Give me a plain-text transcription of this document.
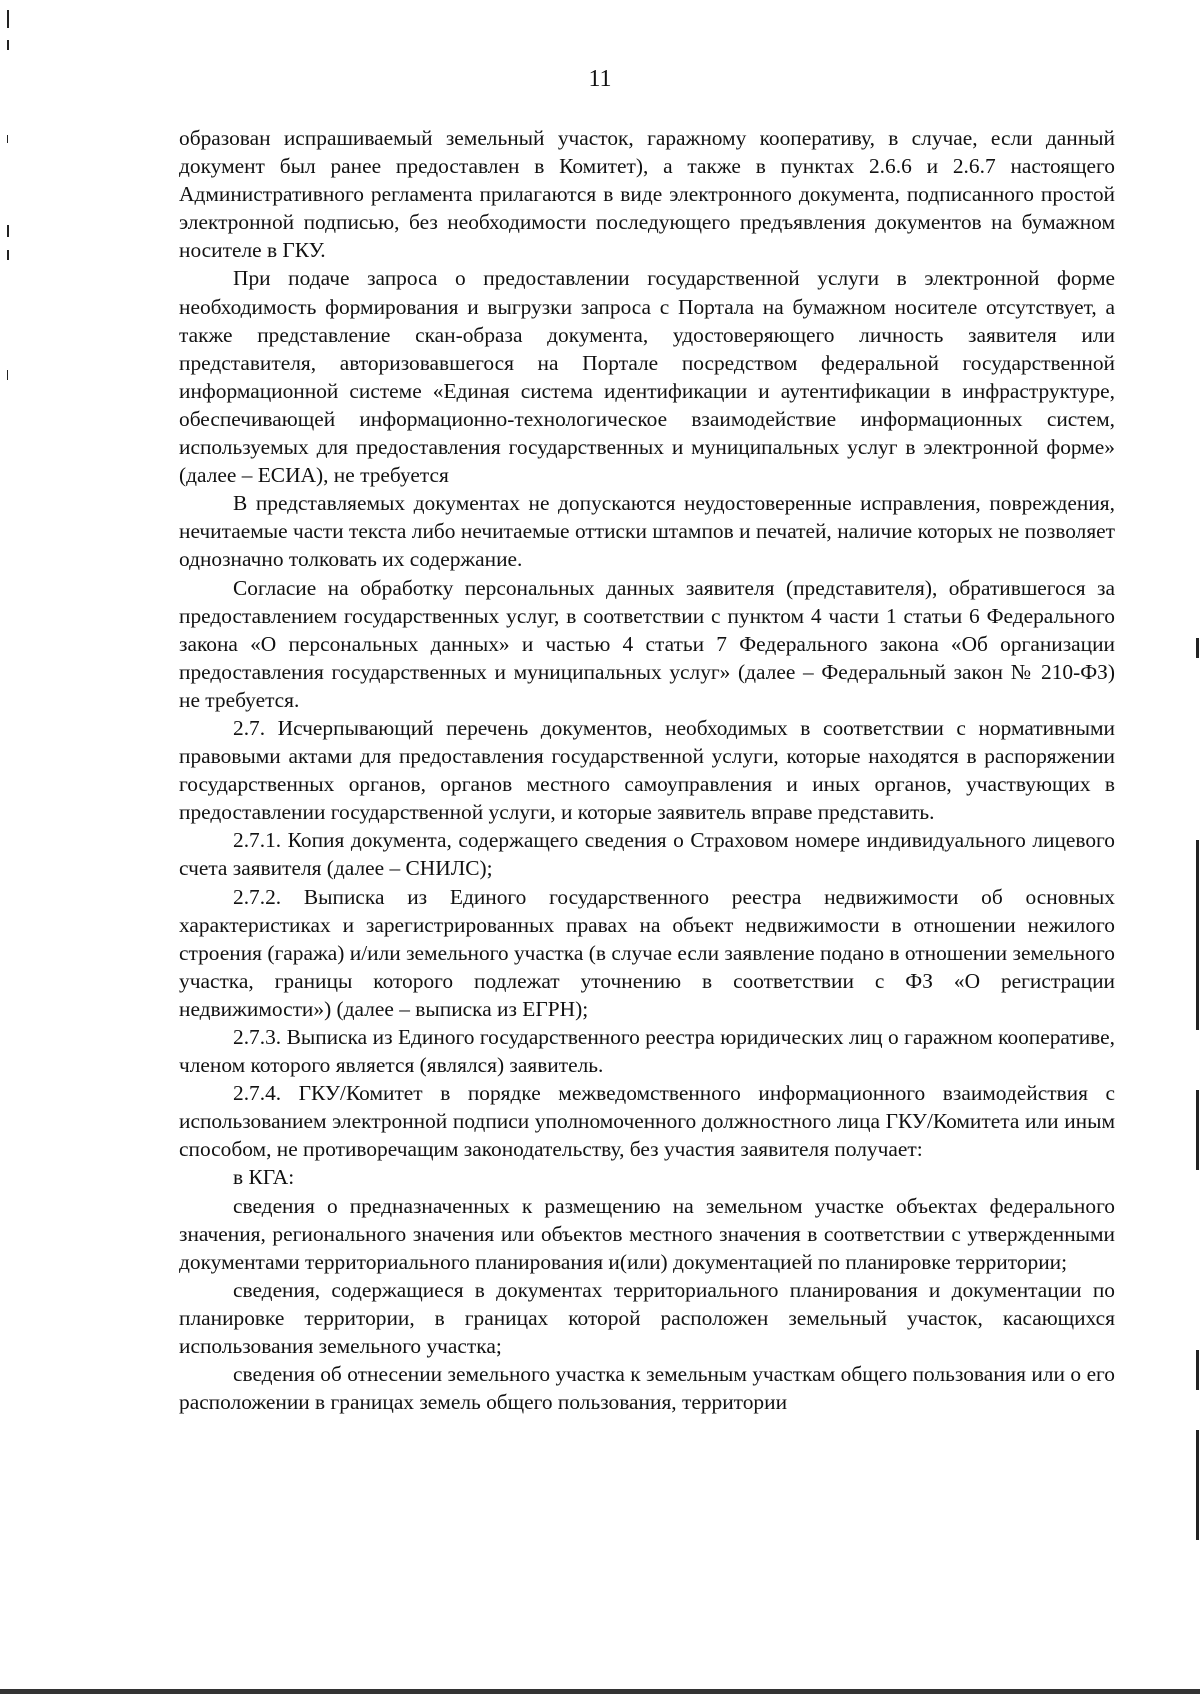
11

образован испрашиваемый земельный участок, гаражному кооперативу, в случае, если данный документ был ранее предоставлен в Комитет), а также в пунктах 2.6.6 и 2.6.7 настоящего Административного регламента прилагаются в виде электронного документа, подписанного простой электронной подписью, без необходимости последующего предъявления документов на бумажном носителе в ГКУ.

При подаче запроса о предоставлении государственной услуги в электронной форме необходимость формирования и выгрузки запроса с Портала на бумажном носителе отсутствует, а также представление скан-образа документа, удостоверяющего личность заявителя или представителя, авторизовавшегося на Портале посредством федеральной государственной информационной системе «Единая система идентификации и аутентификации в инфраструктуре, обеспечивающей информационно-технологическое взаимодействие информационных систем, используемых для предоставления государственных и муниципальных услуг в электронной форме» (далее – ЕСИА), не требуется

В представляемых документах не допускаются неудостоверенные исправления, повреждения, нечитаемые части текста либо нечитаемые оттиски штампов и печатей, наличие которых не позволяет однозначно толковать их содержание.

Согласие на обработку персональных данных заявителя (представителя), обратившегося за предоставлением государственных услуг, в соответствии с пунктом 4 части 1 статьи 6 Федерального закона «О персональных данных» и частью 4 статьи 7 Федерального закона «Об организации предоставления государственных и муниципальных услуг» (далее – Федеральный закон № 210-ФЗ) не требуется.

2.7. Исчерпывающий перечень документов, необходимых в соответствии с нормативными правовыми актами для предоставления государственной услуги, которые находятся в распоряжении государственных органов, органов местного самоуправления и иных органов, участвующих в предоставлении государственной услуги, и которые заявитель вправе представить.

2.7.1. Копия документа, содержащего сведения о Страховом номере индивидуального лицевого счета заявителя (далее – СНИЛС);

2.7.2. Выписка из Единого государственного реестра недвижимости об основных характеристиках и зарегистрированных правах на объект недвижимости в отношении нежилого строения (гаража) и/или земельного участка (в случае если заявление подано в отношении земельного участка, границы которого подлежат уточнению в соответствии с ФЗ «О регистрации недвижимости») (далее – выписка из ЕГРН);

2.7.3. Выписка из Единого государственного реестра юридических лиц о гаражном кооперативе, членом которого является (являлся) заявитель.

2.7.4. ГКУ/Комитет в порядке межведомственного информационного взаимодействия с использованием электронной подписи уполномоченного должностного лица ГКУ/Комитета или иным способом, не противоречащим законодательству, без участия заявителя получает:

в КГА:

сведения о предназначенных к размещению на земельном участке объектах федерального значения, регионального значения или объектов местного значения в соответствии с утвержденными документами территориального планирования и(или) документацией по планировке территории;

сведения, содержащиеся в документах территориального планирования и документации по планировке территории, в границах которой расположен земельный участок, касающихся использования земельного участка;

сведения об отнесении земельного участка к земельным участкам общего пользования или о его расположении в границах земель общего пользования, территории
